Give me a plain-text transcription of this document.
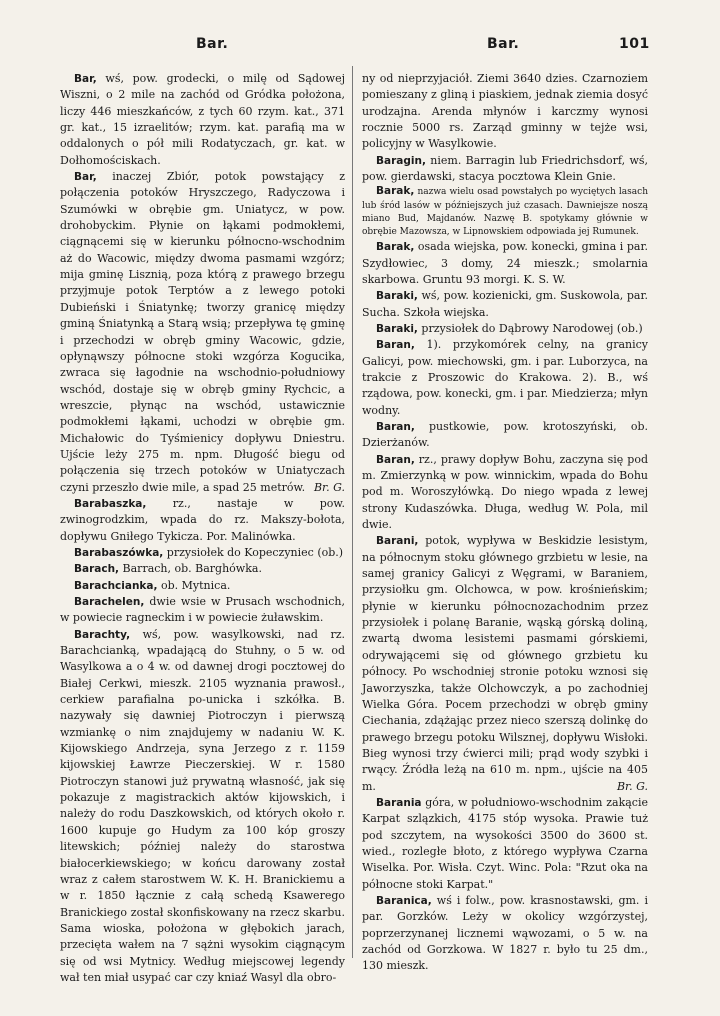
Bar.	Bar.	101

Bar, wś, pow. grodecki, o milę od Sądowej Wiszni, o 2 mile na zachód od Gródka położona, liczy 446 mieszkańców, z tych 60 rzym. kat., 371 gr. kat., 15 izraelitów; rzym. kat. parafią ma w oddalonych o pół mili Rodatyczach, gr. kat. w Dołhomościskach.

Bar, inaczej Zbiór, potok powstający z połączenia potoków Hryszczego, Radyczowa i Szumówki w obrębie gm. Uniatycz, w pow. drohobyckim. Płynie on łąkami podmokłemi, ciągnącemi się w kierunku północno-wschodnim aż do Wacowic, między dwoma pasmami wzgórz; mija gminę Lisznią, poza którą z prawego brzegu przyjmuje potok Terptów a z lewego potoki Dubieński i Śniatynkę; tworzy granicę między gminą Śniatynką a Starą wsią; przepływa tę gminę i przechodzi w obręb gminy Wacowic, gdzie, opłynąwszy północne stoki wzgórza Kogucika, zwraca się łagodnie na wschodnio-południowy wschód, dostaje się w obręb gminy Rychcic, a wreszcie, płynąc na wschód, ustawicznie podmokłemi łąkami, uchodzi w obrębie gm. Michałowic do Tyśmienicy dopływu Dniestru. Ujście leży 275 m. npm. Długość biegu od połączenia się trzech potoków w Uniatyczach czyni przeszło dwie mile, a spad 25 metrów. Br. G.

Barabaszka, rz., nastaje w pow. zwinogrodzkim, wpada do rz. Makszy-bołota, dopływu Gniłego Tykicza. Por. Malinówka.

Barabaszówka, przysiołek do Kopeczyniec (ob.)

Barach, Barrach, ob. Barghówka.

Barachcianka, ob. Mytnica.

Barachelen, dwie wsie w Prusach wschodnich, w powiecie ragneckim i w powiecie żuławskim.

Barachty, wś, pow. wasylkowski, nad rz. Barachcianką, wpadającą do Stuhny, o 5 w. od Wasylkowa a o 4 w. od dawnej drogi pocztowej do Białej Cerkwi, mieszk. 2105 wyznania prawosł., cerkiew parafialna po-unicka i szkółka. B. nazywały się dawniej Piotroczyn i pierwszą wzmiankę o nim znajdujemy w nadaniu W. K. Kijowskiego Andrzeja, syna Jerzego z r. 1159 kijowskiej Ławrze Pieczerskiej. W r. 1580 Piotroczyn stanowi już prywatną własność, jak się pokazuje z magistrackich aktów kijowskich, i należy do rodu Daszkowskich, od których około r. 1600 kupuje go Hudym za 100 kóp groszy litewskich; później należy do starostwa białocerkiewskiego; w końcu darowany został wraz z całem starostwem W. K. H. Branickiemu a w r. 1850 łącznie z całą schedą Ksawerego Branickiego został skonfiskowany na rzecz skarbu. Sama wioska, położona w głębokich jarach, przecięta wałem na 7 sążni wysokim ciągnącym się od wsi Mytnicy. Według miejscowej legendy wał ten miał usypać car czy kniaź Wasyl dla obro-

ny od nieprzyjaciół. Ziemi 3640 dzies. Czarnoziem pomieszany z gliną i piaskiem, jednak ziemia dosyć urodzajna. Arenda młynów i karczmy wynosi rocznie 5000 rs. Zarząd gminny w tejże wsi, policyjny w Wasylkowie.

Baragin, niem. Barragin lub Friedrichsdorf, wś, pow. gierdawski, stacya pocztowa Klein Gnie.

Barak, nazwa wielu osad powstałych po wyciętych lasach lub śród lasów w późniejszych już czasach. Dawniejsze noszą miano Bud, Majdanów. Nazwę B. spotykamy głównie w obrębie Mazowsza, w Lipnowskiem odpowiada jej Rumunek.

Barak, osada wiejska, pow. konecki, gmina i par. Szydłowiec, 3 domy, 24 mieszk.; smolarnia skarbowa. Gruntu 93 morgi. K. S. W.

Baraki, wś, pow. kozienicki, gm. Suskowola, par. Sucha. Szkoła wiejska.

Baraki, przysiołek do Dąbrowy Narodowej (ob.)

Baran, 1). przykomórek celny, na granicy Galicyi, pow. miechowski, gm. i par. Luborzyca, na trakcie z Proszowic do Krakowa. 2). B., wś rządowa, pow. konecki, gm. i par. Miedzierza; młyn wodny.

Baran, pustkowie, pow. krotoszyński, ob. Dzierżanów.

Baran, rz., prawy dopływ Bohu, zaczyna się pod m. Zmierzynką w pow. winnickim, wpada do Bohu pod m. Woroszyłówką. Do niego wpada z lewej strony Kudaszówka. Długa, według W. Pola, mil dwie.

Barani, potok, wypływa w Beskidzie lesistym, na północnym stoku głównego grzbietu w lesie, na samej granicy Galicyi z Węgrami, w Baraniem, przysiołku gm. Olchowca, w pow. krośnieńskim; płynie w kierunku północnozachodnim przez przysiołek i polanę Baranie, wąską górską doliną, zwartą dwoma lesistemi pasmami górskiemi, odrywającemi się od głównego grzbietu ku północy. Po wschodniej stronie potoku wznosi się Jaworzyszka, także Olchowczyk, a po zachodniej Wielka Góra. Pocem przechodzi w obręb gminy Ciechania, zdążając przez nieco szerszą dolinkę do prawego brzegu potoku Wilsznej, dopływu Wisłoki. Bieg wynosi trzy ćwierci mili; prąd wody szybki i rwący. Źródła leżą na 610 m. npm., ujście na 405 m.	Br. G.

Barania góra, w południowo-wschodnim zakącie Karpat szlązkich, 4175 stóp wysoka. Prawie tuż pod szczytem, na wysokości 3500 do 3600 st. wied., rozległe błoto, z którego wypływa Czarna Wiselka. Por. Wisła. Czyt. Winc. Pola: "Rzut oka na północne stoki Karpat."

Baranica, wś i folw., pow. krasnostawski, gm. i par. Gorzków. Leży w okolicy wzgórzystej, poprzerzynanej licznemi wąwozami, o 5 w. na zachód od Gorzkowa. W 1827 r. było tu 25 dm., 130 mieszk.
